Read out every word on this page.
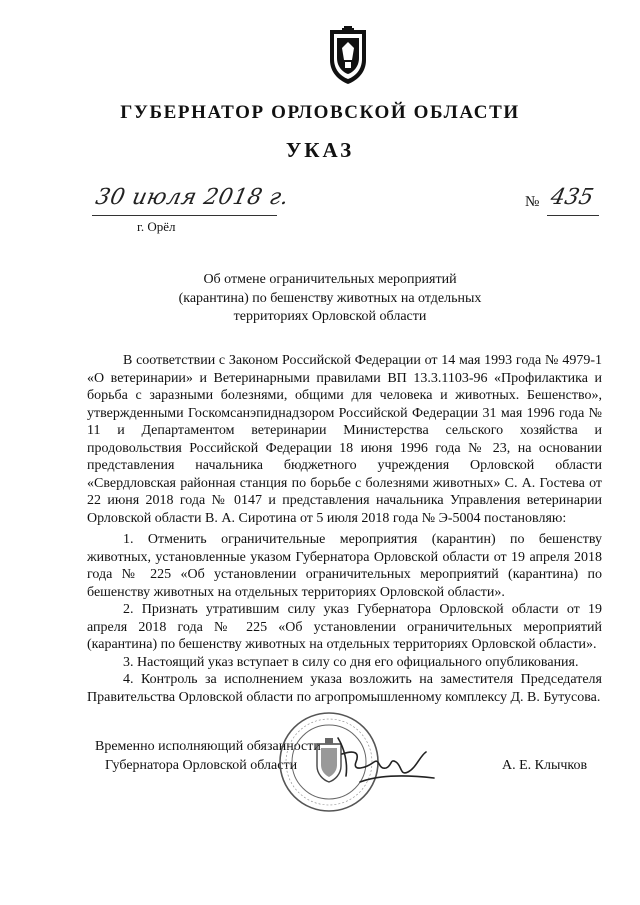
ГУБЕРНАТОР ОРЛОВСКОЙ ОБЛАСТИ
УКАЗ
30 июля 2018 г.
г. Орёл
№ 435
Об отмене ограничительных мероприятий
(карантина) по бешенству животных на отдельных
территориях Орловской области
В соответствии с Законом Российской Федерации от 14 мая 1993 года № 4979-1 «О ветеринарии» и Ветеринарными правилами ВП 13.3.1103-96 «Профилактика и борьба с заразными болезнями, общими для человека и животных. Бешенство», утвержденными Госкомсанэпиднадзором Российской Федерации 31 мая 1996 года № 11 и Департаментом ветеринарии Министерства сельского хозяйства и продовольствия Российской Федерации 18 июня 1996 года № 23, на основании представления начальника бюджетного учреждения Орловской области «Свердловская районная станция по борьбе с болезнями животных» С. А. Гостева от 22 июня 2018 года № 0147 и представления начальника Управления ветеринарии Орловской области В. А. Сиротина от 5 июля 2018 года № Э-5004 постановляю:

1. Отменить ограничительные мероприятия (карантин) по бешенству животных, установленные указом Губернатора Орловской области от 19 апреля 2018 года № 225 «Об установлении ограничительных мероприятий (карантина) по бешенству животных на отдельных территориях Орловской области».

2. Признать утратившим силу указ Губернатора Орловской области от 19 апреля 2018 года № 225 «Об установлении ограничительных мероприятий (карантина) по бешенству животных на отдельных территориях Орловской области».

3. Настоящий указ вступает в силу со дня его официального опубликования.

4. Контроль за исполнением указа возложить на заместителя Председателя Правительства Орловской области по агропромышленному комплексу Д. В. Бутусова.

Временно исполняющий обязанности
Губернатора Орловской области	А. Е. Клычков
